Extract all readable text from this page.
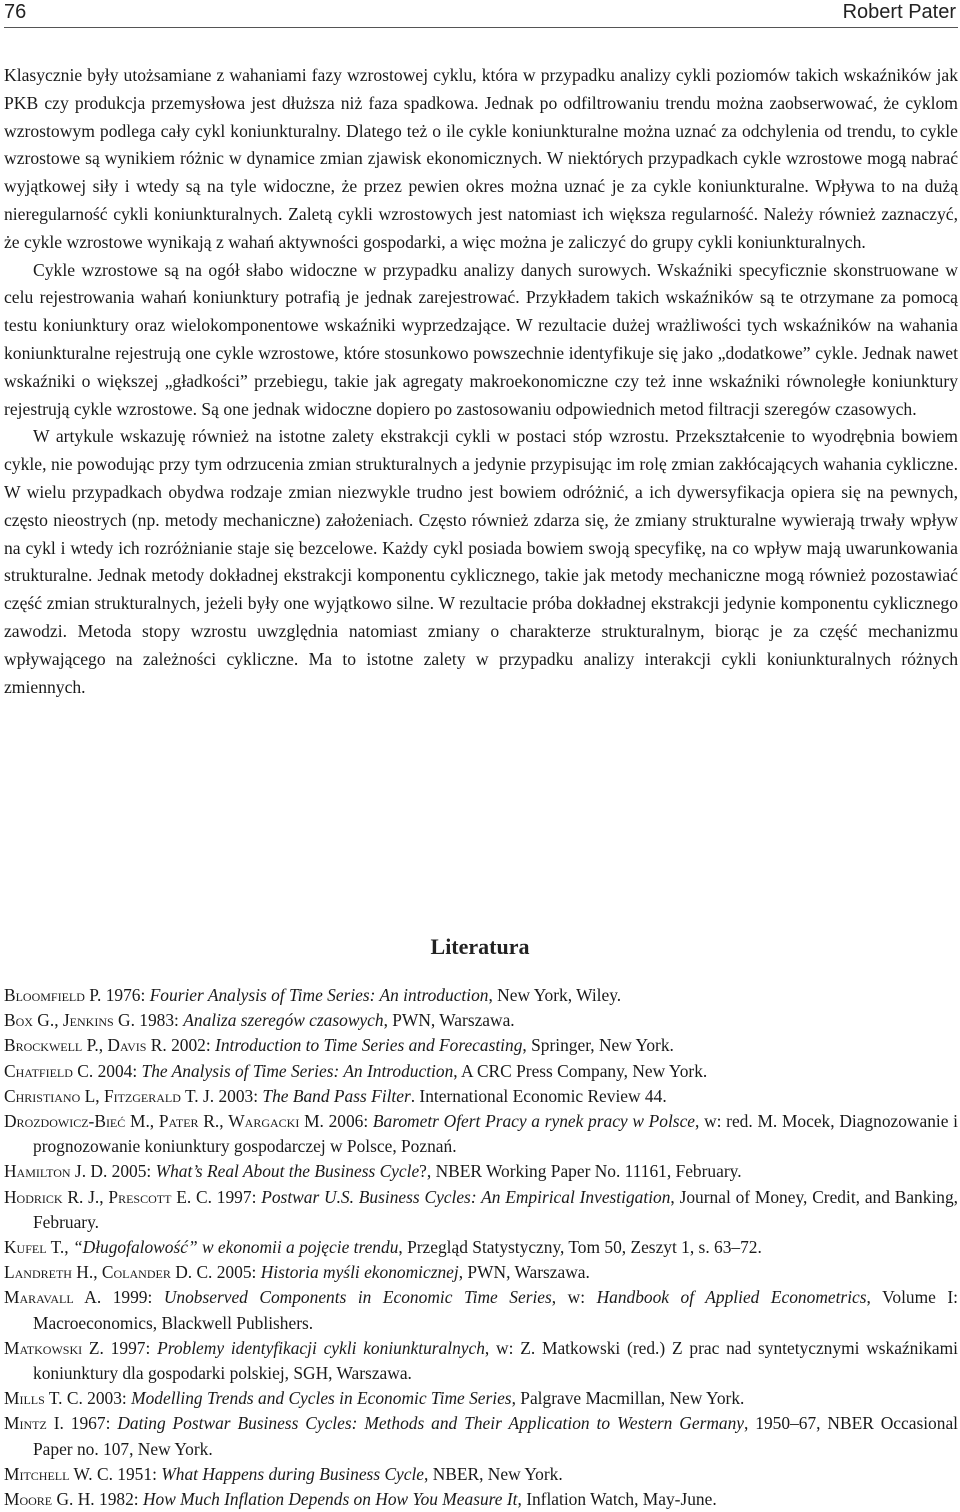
76	Robert Pater

Klasycznie były utożsamiane z wahaniami fazy wzrostowej cyklu, która w przypadku analizy cykli poziomów takich wskaźników jak PKB czy produkcja przemysłowa jest dłuższa niż faza spadkowa. Jednak po odfiltrowaniu trendu można zaobserwować, że cyklom wzrostowym podlega cały cykl koniunkturalny. Dlatego też o ile cykle koniunkturalne można uznać za odchylenia od trendu, to cykle wzrostowe są wynikiem różnic w dynamice zmian zjawisk ekonomicznych. W niektórych przypadkach cykle wzrostowe mogą nabrać wyjątkowej siły i wtedy są na tyle widoczne, że przez pewien okres można uznać je za cykle koniunkturalne. Wpływa to na dużą nieregularność cykli koniunkturalnych. Zaletą cykli wzrostowych jest natomiast ich większa regularność. Należy również zaznaczyć, że cykle wzrostowe wynikają z wahań aktywności gospodarki, a więc można je zaliczyć do grupy cykli koniunkturalnych.

Cykle wzrostowe są na ogół słabo widoczne w przypadku analizy danych surowych. Wskaźniki specyficznie skonstruowane w celu rejestrowania wahań koniunktury potrafią je jednak zarejestrować. Przykładem takich wskaźników są te otrzymane za pomocą testu koniunktury oraz wielokomponentowe wskaźniki wyprzedzające. W rezultacie dużej wrażliwości tych wskaźników na wahania koniunkturalne rejestrują one cykle wzrostowe, które stosunkowo powszechnie identyfikuje się jako „dodatkowe” cykle. Jednak nawet wskaźniki o większej „gładkości” przebiegu, takie jak agregaty makroekonomiczne czy też inne wskaźniki równoległe koniunktury rejestrują cykle wzrostowe. Są one jednak widoczne dopiero po zastosowaniu odpowiednich metod filtracji szeregów czasowych.

W artykule wskazuję również na istotne zalety ekstrakcji cykli w postaci stóp wzrostu. Przekształcenie to wyodrębnia bowiem cykle, nie powodując przy tym odrzucenia zmian strukturalnych a jedynie przypisując im rolę zmian zakłócających wahania cykliczne. W wielu przypadkach obydwa rodzaje zmian niezwykle trudno jest bowiem odróżnić, a ich dywersyfikacja opiera się na pewnych, często nieostrych (np. metody mechaniczne) założeniach. Często również zdarza się, że zmiany strukturalne wywierają trwały wpływ na cykl i wtedy ich rozróżnianie staje się bezcelowe. Każdy cykl posiada bowiem swoją specyfikę, na co wpływ mają uwarunkowania strukturalne. Jednak metody dokładnej ekstrakcji komponentu cyklicznego, takie jak metody mechaniczne mogą również pozostawiać część zmian strukturalnych, jeżeli były one wyjątkowo silne. W rezultacie próba dokładnej ekstrakcji jedynie komponentu cyklicznego zawodzi. Metoda stopy wzrostu uwzględnia natomiast zmiany o charakterze strukturalnym, biorąc je za część mechanizmu wpływającego na zależności cykliczne. Ma to istotne zalety w przypadku analizy interakcji cykli koniunkturalnych różnych zmiennych.

Literatura
Bloomfield P. 1976: Fourier Analysis of Time Series: An introduction, New York, Wiley.
Box G., Jenkins G. 1983: Analiza szeregów czasowych, PWN, Warszawa.
Brockwell P., Davis R. 2002: Introduction to Time Series and Forecasting, Springer, New York.
Chatfield C. 2004: The Analysis of Time Series: An Introduction, A CRC Press Company, New York.
Christiano L, Fitzgerald T. J. 2003: The Band Pass Filter. International Economic Review 44.
Drozdowicz-Bieć M., Pater R., Wargacki M. 2006: Barometr Ofert Pracy a rynek pracy w Polsce, w: red. M. Mocek, Diagnozowanie i prognozowanie koniunktury gospodarczej w Polsce, Poznań.
Hamilton J. D. 2005: What’s Real About the Business Cycle?, NBER Working Paper No. 11161, February.
Hodrick R. J., Prescott E. C. 1997: Postwar U.S. Business Cycles: An Empirical Investigation, Journal of Money, Credit, and Banking, February.
Kufel T., “Długofalowość” w ekonomii a pojęcie trendu, Przegląd Statystyczny, Tom 50, Zeszyt 1, s. 63–72.
Landreth H., Colander D. C. 2005: Historia myśli ekonomicznej, PWN, Warszawa.
Maravall A. 1999: Unobserved Components in Economic Time Series, w: Handbook of Applied Econometrics, Volume I: Macroeconomics, Blackwell Publishers.
Matkowski Z. 1997: Problemy identyfikacji cykli koniunkturalnych, w: Z. Matkowski (red.) Z prac nad syntetycznymi wskaźnikami koniunktury dla gospodarki polskiej, SGH, Warszawa.
Mills T. C. 2003: Modelling Trends and Cycles in Economic Time Series, Palgrave Macmillan, New York.
Mintz I. 1967: Dating Postwar Business Cycles: Methods and Their Application to Western Germany, 1950–67, NBER Occasional Paper no. 107, New York.
Mitchell W. C. 1951: What Happens during Business Cycle, NBER, New York.
Moore G. H. 1982: How Much Inflation Depends on How You Measure It, Inflation Watch, May-June.
